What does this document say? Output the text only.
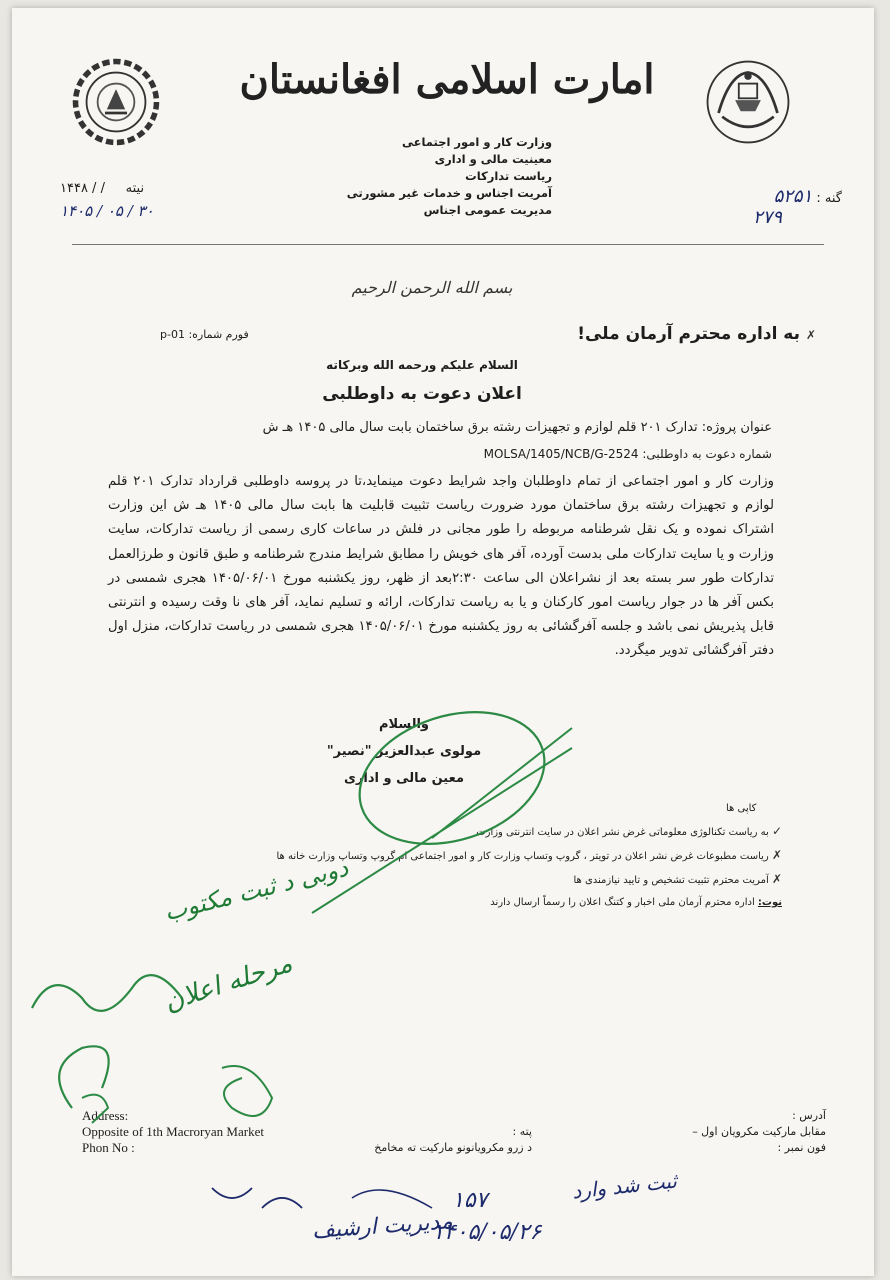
امارت اسلامی افغانستان
وزارت کار و امور اجتماعی
معینیت مالی و اداری
ریاست تدارکات
آمریت اجناس و خدمات غیر مشورتی
مدیریت عمومی اجناس
۱۴۴۸ / / نیته
۱۴۰۵ / ۰۵ / ۳۰
گنه : ۵۲۵۱
۲۷۹
بسم الله الرحمن الرحيم
فورم شماره: p-01	✗ به اداره محترم آرمان ملی!
السلام علیکم ورحمه الله وبرکاته
اعلان دعوت به داوطلبی
عنوان پروژه: تدارک ۲۰۱ قلم لوازم و تجهیزات رشته برق ساختمان بابت سال مالی ۱۴۰۵ هـ ش
شماره دعوت به داوطلبی: MOLSA/1405/NCB/G-2524
وزارت کار و امور اجتماعی از تمام داوطلبان واجد شرایط دعوت مینماید،تا در پروسه داوطلبی قرارداد تدارک ۲۰۱ قلم لوازم و تجهیزات رشته برق ساختمان مورد ضرورت ریاست تثبیت قابلیت ها بابت سال مالی ۱۴۰۵ هـ ش این وزارت اشتراک نموده و یک نقل شرطنامه مربوطه را طور مجانی در فلش در ساعات کاری رسمی از ریاست تدارکات، سایت وزارت و یا سایت تدارکات ملی بدست آورده، آفر های خویش را مطابق شرایط مندرج شرطنامه و طبق قانون و طرزالعمل تدارکات طور سر بسته بعد از نشراعلان الی ساعت ۲:۳۰بعد از ظهر، روز یکشنبه مورخ ۱۴۰۵/۰۶/۰۱ هجری شمسی در بکس آفر ها در جوار ریاست امور کارکنان و یا به ریاست تدارکات، ارائه و تسلیم نماید، آفر های نا وقت رسیده و انترنتی قابل پذیریش نمی باشد و جلسه آفرگشائی به روز یکشنبه مورخ ۱۴۰۵/۰۶/۰۱ هجری شمسی در ریاست تدارکات، منزل اول دفتر آفرگشائی تدویر میگردد.
والسلام
مولوی عبدالعزیز "نصیر"
معین مالی و اداری
کاپی ها
✓ به ریاست تکنالوژی معلوماتی غرض نشر اعلان در سایت انترنتی وزارت
✗ ریاست مطبوعات غرض نشر اعلان در تویتر ، گروپ وتساپ وزارت کار و امور اجتماعی ام گروپ وتساپ وزارت خانه ها
✗ آمریت محترم تثبیت تشخیص و تایید نیازمندی ها
نوت: اداره محترم آرمان ملی اخبار و کتنگ اعلان را رسماً ارسال دارند
دوبی د ثبت مکتوب
مرحله اعلان
Address:
Opposite of 1th Macroryan Market
Phon No :
پته :
د زرو مکرویانونو مارکیت ته مخامخ
آدرس :
مقابل مارکیت مکرویان اول –
فون نمبر :
ثبت شد وارد
مدیریت ارشیف
۱۵۷
۱۴۰۵/۰۵/۲۶
